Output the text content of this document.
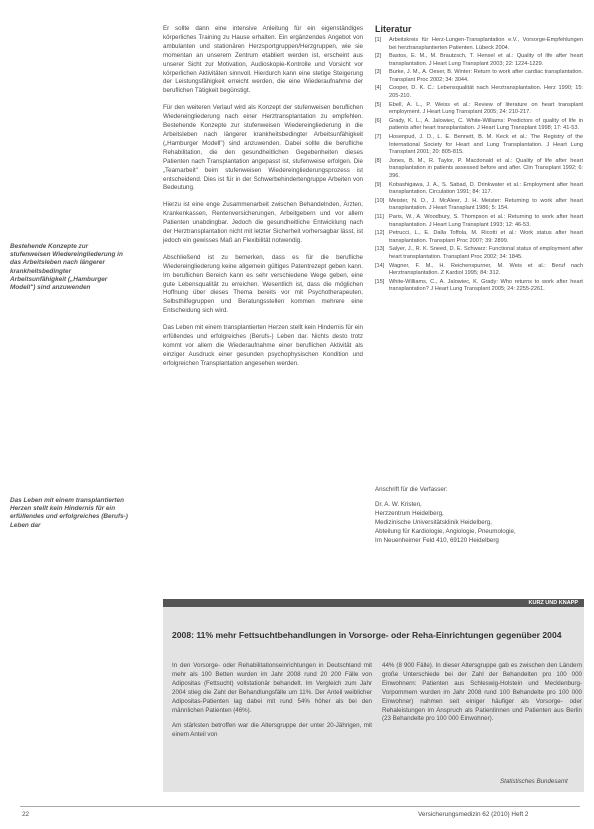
Bestehende Konzepte zur stufenweisen Wiedereingliederung in das Arbeitsleben nach längerer krankheitsbedingter Arbeitsunfähigkeit („Hamburger Modell") sind anzuwenden
Das Leben mit einem transplantierten Herzen stellt kein Hindernis für ein erfüllendes und erfolgreiches (Berufs-) Leben dar

Er sollte dann eine intensive Anleitung für ein eigenständiges körperliches Training zu Hause erhalten. Ein ergänzendes Angebot von ambulanten und stationären Herzsportgruppen/Herzgruppen, wie sie momentan an unserem Zentrum etabliert werden ist, erscheint aus unserer Sicht zur Motivation, Audioskopie-Kontrolle und Vorsicht vor körperlichen Aktivitäten sinnvoll. Hierdurch kann eine stetige Steigerung der Leistungsfähigkeit erreicht werden, die eine Wiederaufnahme der beruflichen Tätigkeit begünstigt.

Für den weiteren Verlauf wird als Konzept der stufenweisen beruflichen Wiedereingliederung nach einer Herztransplantation zu empfehlen. Bestehende Konzepte zur stufenweisen Wiedereingliederung in die Arbeitsleben nach längerer krankheitsbedingter Arbeitsunfähigkeit („Hamburger Modell") sind anzuwenden. Dabei sollte die berufliche Rehabilitation, die den gesundheitlichen Gegebenheiten dieses Patienten nach Transplantation angepasst ist, stufenweise erfolgen. Die „Teamarbeit" beim stufenweisen Wiedereingliederungsprozess ist entscheidend. Dies ist für in der Schwerbehindertengruppe Arbeiten von Bedeutung.

Hierzu ist eine enge Zusammenarbeit zwischen Behandelnden, Ärzten, Krankenkassen, Rentenversicherungen, Arbeitgebern und vor allem Patienten unabdingbar. Jedoch die gesundheitliche Entwicklung nach der Herztransplantation nicht mit letzter Sicherheit vorhersagbar lässt, ist jedoch ein gewisses Maß an Flexibilität notwendig.

Abschließend ist zu bemerken, dass es für die berufliche Wiedereingliederung keine allgemein gültiges Patentrezept geben kann. Im beruflichen Bereich kann es sehr verschiedene Wege geben, eine gute Lebensqualität zu erreichen. Wesentlich ist, dass die möglichen Hoffnung über dieses Thema bereits vor mit Psychotherapeuten, Selbsthilfegruppen und Beratungsstellen kommen mehrere eine Entscheidung sich wird.

Das Leben mit einem transplantierten Herzen stellt kein Hindernis für ein erfüllendes und erfolgreiches (Berufs-) Leben dar. Nichts desto trotz kommt vor allem die Wiederaufnahme einer beruflichen Aktivität als einziger Ausdruck einer gesunden psychophysischen Kondition und erfolgreichen Transplantation angesehen werden.

Literatur
[1] Arbeitskreis für Herz-Lungen-Transplantation e.V., Vorsorge-Empfehlungen bei herztransplantierten Patienten. Lübeck 2004.
[2] Bastos, E. M., M. Brautzsch, T. Hensel et al.: Quality of life after heart transplantation. J Heart Lung Transplant 2003; 22: 1224-1229.
[3] Burke, J. M., A. Oeser, B. Winter: Return to work after cardiac transplantation. Transplant Proc 2002; 34: 3044.
[4] Cooper, D. K. C.: Lebensqualität nach Herztransplantation. Herz 1990; 15: 205-210.
[5] Ebell, A. L., P. Weiss et al.: Review of literature on heart transplant employment. J Heart Lung Transplant 2005; 24: 210-217.
[6] Grady, K. L., A. Jalowiec, C. White-Williams: Predictors of quality of life in patients after heart transplantation. J Heart Lung Transplant 1998; 17: 41-53.
[7] Hosenpud, J. D., L. E. Bennett, B. M. Keck et al.: The Registry of the International Society for Heart and Lung Transplantation. J Heart Lung Transplant 2001; 20: 805-815.
[8] Jones, B. M., R. Taylor, P. Macdonald et al.: Quality of life after heart transplantation in patients assessed before and after. Clin Transplant 1992; 6: 396.
[9] Kobashigawa, J. A., S. Sabad, D. Drinkwater et al.: Employment after heart transplantation. Circulation 1991; 84: 117.
[10] Meister, N. D., J. McAleer, J. H. Meister: Returning to work after heart transplantation. J Heart Transplant 1986; 5: 154.
[11] Paris, W., A. Woodbury, S. Thompson et al.: Returning to work after heart transplantation. J Heart Lung Transplant 1993; 12: 46-53.
[12] Petrucci, L., E. Dalla Toffola, M. Ricotti et al.: Work status after heart transplantation. Transplant Proc 2007; 39: 2899.
[13] Salyer, J., R. K. Sneed, D. E. Schwarz: Functional status of employment after heart transplantation. Transplant Proc 2002; 34: 1845.
[14] Wagner, F. M., H. Reichenspurner, M. Weis et al.: Beruf nach Herztransplantation. Z Kardiol 1995; 84: 312.
[15] White-Williams, C., A. Jalowiec, K. Grady: Who returns to work after heart transplantation? J Heart Lung Transplant 2005; 24: 2255-2261.
Anschrift für die Verfasser:
Dr. A. W. Kristen,
Herzzentrum Heidelberg,
Medizinische Universitätsklinik Heidelberg,
Abteilung für Kardiologie, Angiologie, Pneumologie,
Im Neuenheimer Feld 410, 69120 Heidelberg
KURZ UND KNAPP
2008: 11% mehr Fettsuchtbehandlungen in Vorsorge- oder Reha-Einrichtungen gegenüber 2004

In den Vorsorge- oder Rehabilitationseinrichtungen in Deutschland mit mehr als 100 Betten wurden im Jahr 2008 rund 20 200 Fälle von Adipositas (Fettsucht) vollstationär behandelt. Im Vergleich zum Jahr 2004 stieg die Zahl der Behandlungsfälle um 11%. Der Anteil weiblicher Adipositas-Patienten lag dabei mit rund 54% höher als bei den männlichen Patienten (46%).

Am stärksten betroffen war die Altersgruppe der unter 20-Jährigen, mit einem Anteil von

44% (8 900 Fälle). In dieser Altersgruppe gab es zwischen den Ländern große Unterschiede bei der Zahl der Behandelten pro 100 000 Einwohnern: Patienten aus Schleswig-Holstein und Mecklenburg-Vorpommern wurden im Jahr 2008 rund 100 Behandelte pro 100 000 Einwohner) nahmen seit einiger häufiger als Vorsorge- oder Rehaleistungen im Anspruch als Patientinnen und Patienten aus Berlin (23 Behandelte pro 100 000 Einwohner).

Statistisches Bundesamt
22	Versicherungsmedizin 62 (2010) Heft 2
